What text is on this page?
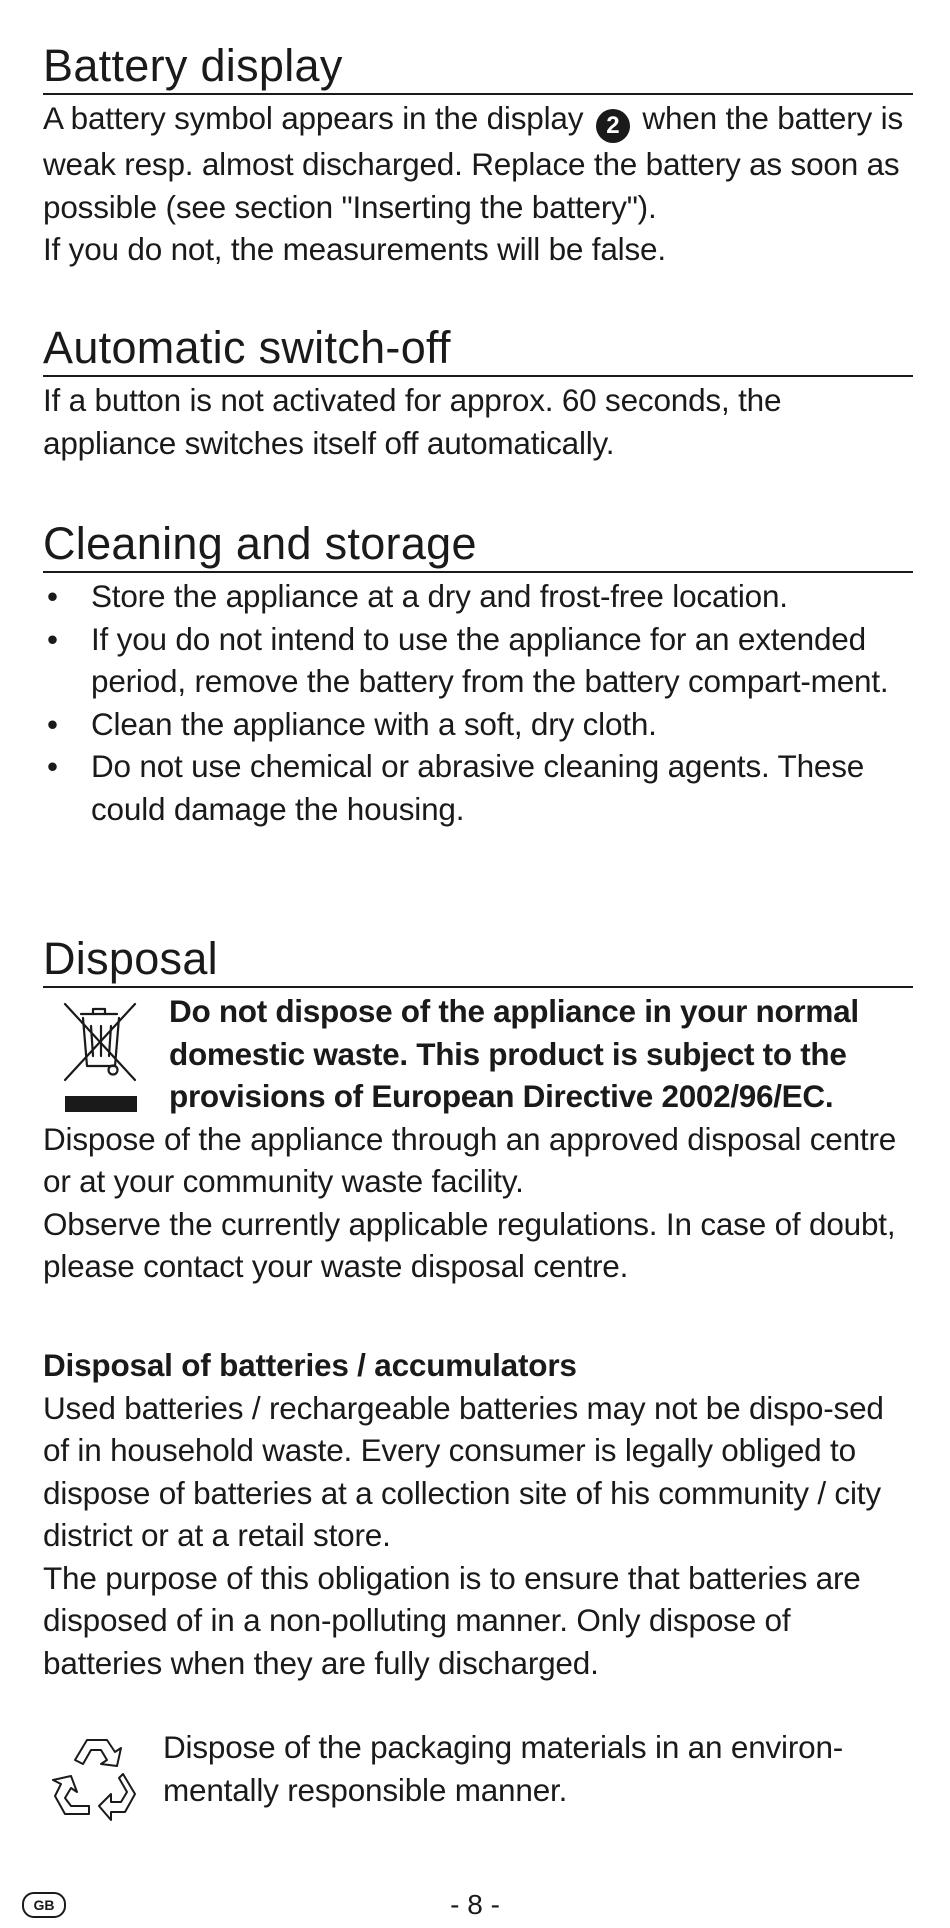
Battery display

A battery symbol appears in the display 2 when the battery is weak resp. almost discharged. Replace the battery as soon as possible (see section "Inserting the battery").

If you do not, the measurements will be false.

Automatic switch-off

If a button is not activated for approx. 60 seconds, the appliance switches itself off automatically.

Cleaning and storage
• Store the appliance at a dry and frost-free location.
• If you do not intend to use the appliance for an extended period, remove the battery from the battery compart-ment.
• Clean the appliance with a soft, dry cloth.
• Do not use chemical or abrasive cleaning agents. These could damage the housing.
Disposal

Do not dispose of the appliance in your normal domestic waste. This product is subject to the provisions of European Directive 2002/96/EC.

Dispose of the appliance through an approved disposal centre or at your community waste facility.

Observe the currently applicable regulations. In case of doubt, please contact your waste disposal centre.

Disposal of batteries / accumulators

Used batteries / rechargeable batteries may not be dispo-sed of in household waste. Every consumer is legally obliged to dispose of batteries at a collection site of his community / city district or at a retail store.

The purpose of this obligation is to ensure that batteries are disposed of in a non-polluting manner. Only dispose of batteries when they are fully discharged.

Dispose of the packaging materials in an environ-mentally responsible manner.

GB	- 8 -
